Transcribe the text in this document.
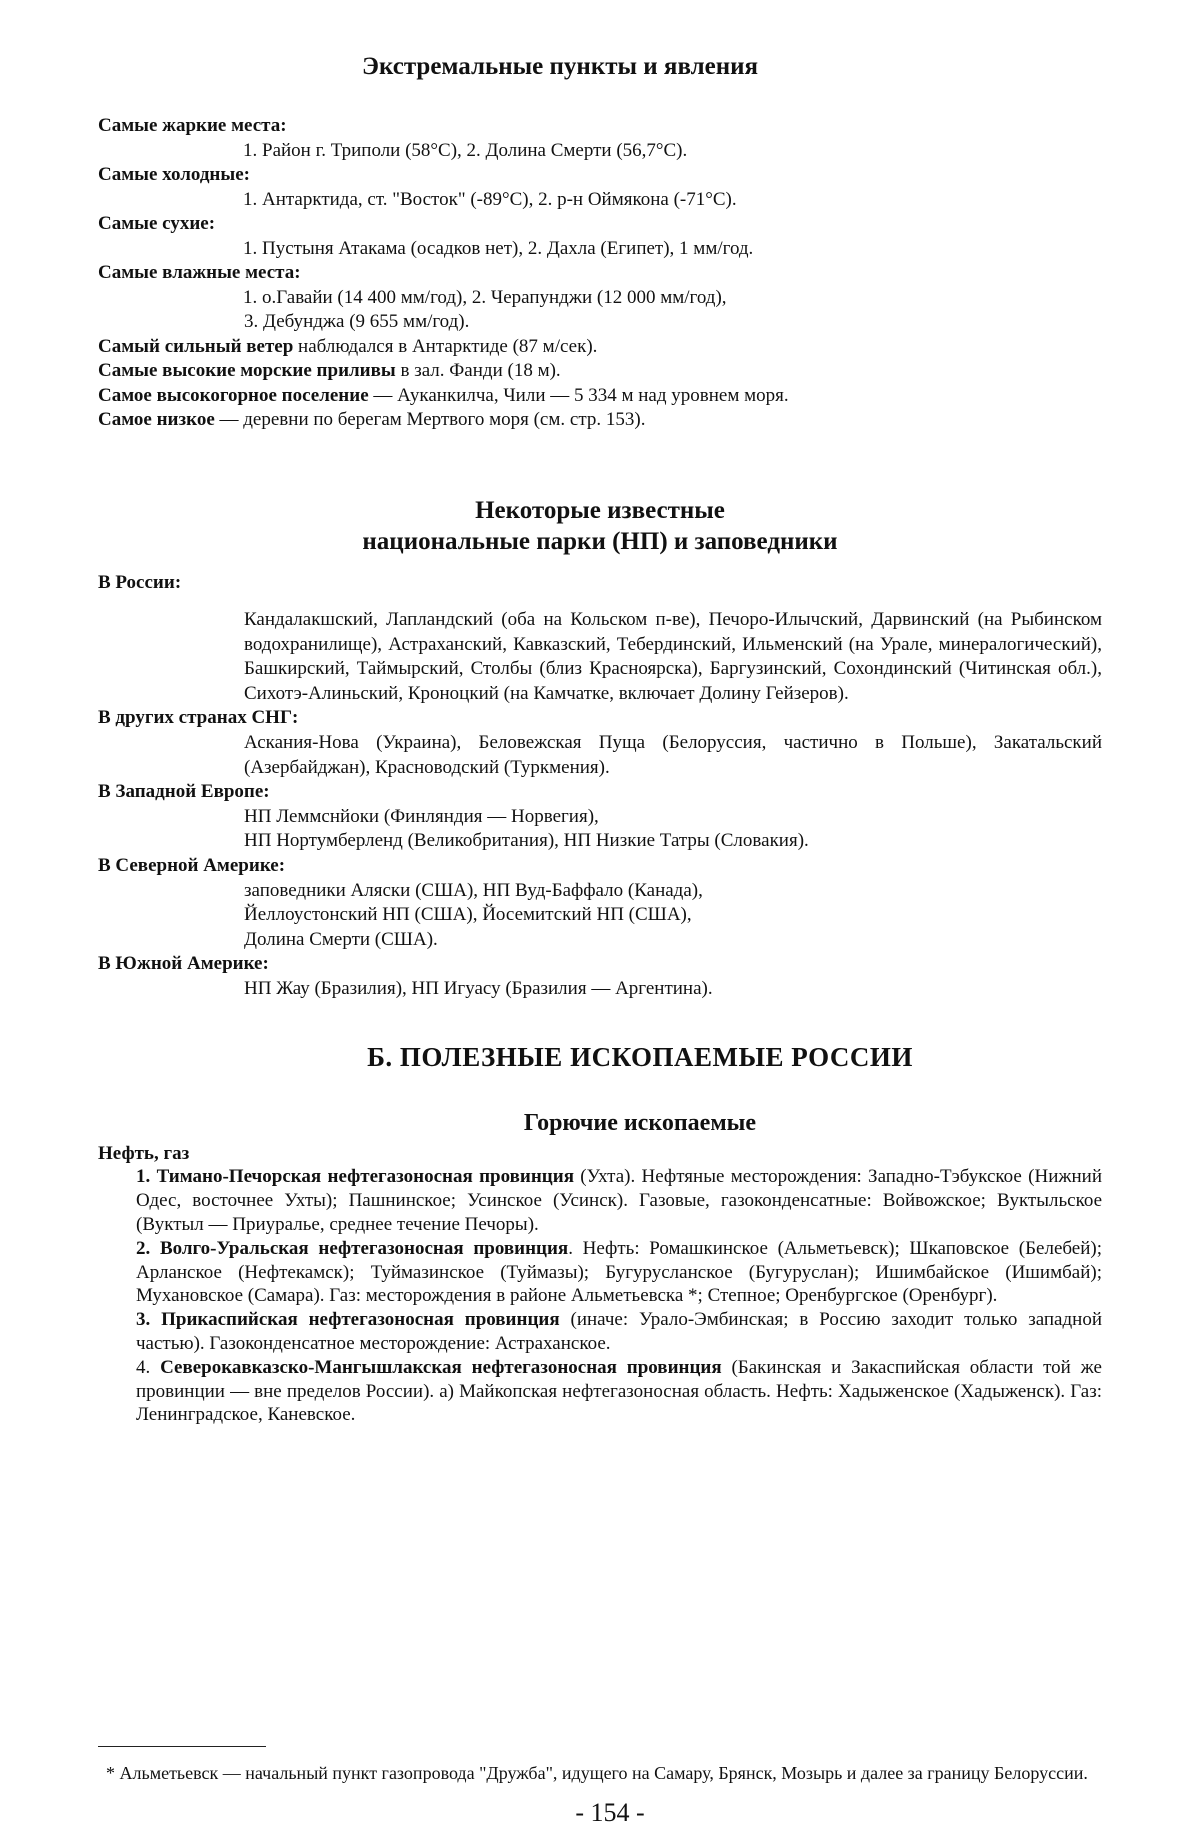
Экстремальные пункты и явления
Самые жаркие места:
1. Район г. Триполи (58°С), 2. Долина Смерти (56,7°С).
Самые холодные:
1. Антарктида, ст. "Восток" (-89°С), 2. р-н Оймякона (-71°С).
Самые сухие:
1. Пустыня Атакама (осадков нет), 2. Дахла (Египет), 1 мм/год.
Самые влажные места:
1. о.Гавайи (14 400 мм/год), 2. Черапунджи (12 000 мм/год),
3. Дебунджа (9 655 мм/год).
Самый сильный ветер наблюдался в Антарктиде (87 м/сек).
Самые высокие морские приливы в зал. Фанди (18 м).
Самое высокогорное поселение — Ауканкилча, Чили — 5 334 м над уровнем моря.
Самое низкое — деревни по берегам Мертвого моря (см. стр. 153).
Некоторые известные
национальные парки (НП) и заповедники
В России:
Кандалакшский, Лапландский (оба на Кольском п-ве), Печоро-Илычский, Дарвинский (на Рыбинском водохранилище), Астраханский, Кавказский, Тебердинский, Ильменский (на Урале, минералогический), Башкирский, Таймырский, Столбы (близ Красноярска), Баргузинский, Сохондинский (Читинская обл.), Сихотэ-Алиньский, Кроноцкий (на Камчатке, включает Долину Гейзеров).
В других странах СНГ:
Аскания-Нова (Украина), Беловежская Пуща (Белоруссия, частично в Польше), Закатальский (Азербайджан), Красноводский (Туркмения).
В Западной Европе:
НП Леммснйоки (Финляндия — Норвегия),
НП Нортумберленд (Великобритания), НП Низкие Татры (Словакия).
В Северной Америке:
заповедники Аляски (США), НП Вуд-Баффало (Канада),
Йеллоустонский НП (США), Йосемитский НП (США),
Долина Смерти (США).
В Южной Америке:
НП Жау (Бразилия), НП Игуасу (Бразилия — Аргентина).
Б. ПОЛЕЗНЫЕ ИСКОПАЕМЫЕ РОССИИ
Горючие ископаемые
Нефть, газ
1. Тимано-Печорская нефтегазоносная провинция (Ухта). Нефтяные месторождения: Западно-Тэбукское (Нижний Одес, восточнее Ухты); Пашнинское; Усинское (Усинск). Газовые, газоконденсатные: Войвожское; Вуктыльское (Вуктыл — Приуралье, среднее течение Печоры).
2. Волго-Уральская нефтегазоносная провинция. Нефть: Ромашкинское (Альметьевск); Шкаповское (Белебей); Арланское (Нефтекамск); Туймазинское (Туймазы); Бугурусланское (Бугуруслан); Ишимбайское (Ишимбай); Мухановское (Самара). Газ: месторождения в районе Альметьевска *; Степное; Оренбургское (Оренбург).
3. Прикаспийская нефтегазоносная провинция (иначе: Урало-Эмбинская; в Россию заходит только западной частью). Газоконденсатное месторождение: Астраханское.
4. Северокавказско-Мангышлакская нефтегазоносная провинция (Бакинская и Закаспийская области той же провинции — вне пределов России). а) Майкопская нефтегазоносная область. Нефть: Хадыженское (Хадыженск). Газ: Ленинградское, Каневское.
* Альметьевск — начальный пункт газопровода "Дружба", идущего на Самару, Брянск, Мозырь и далее за границу Белоруссии.
- 154 -
